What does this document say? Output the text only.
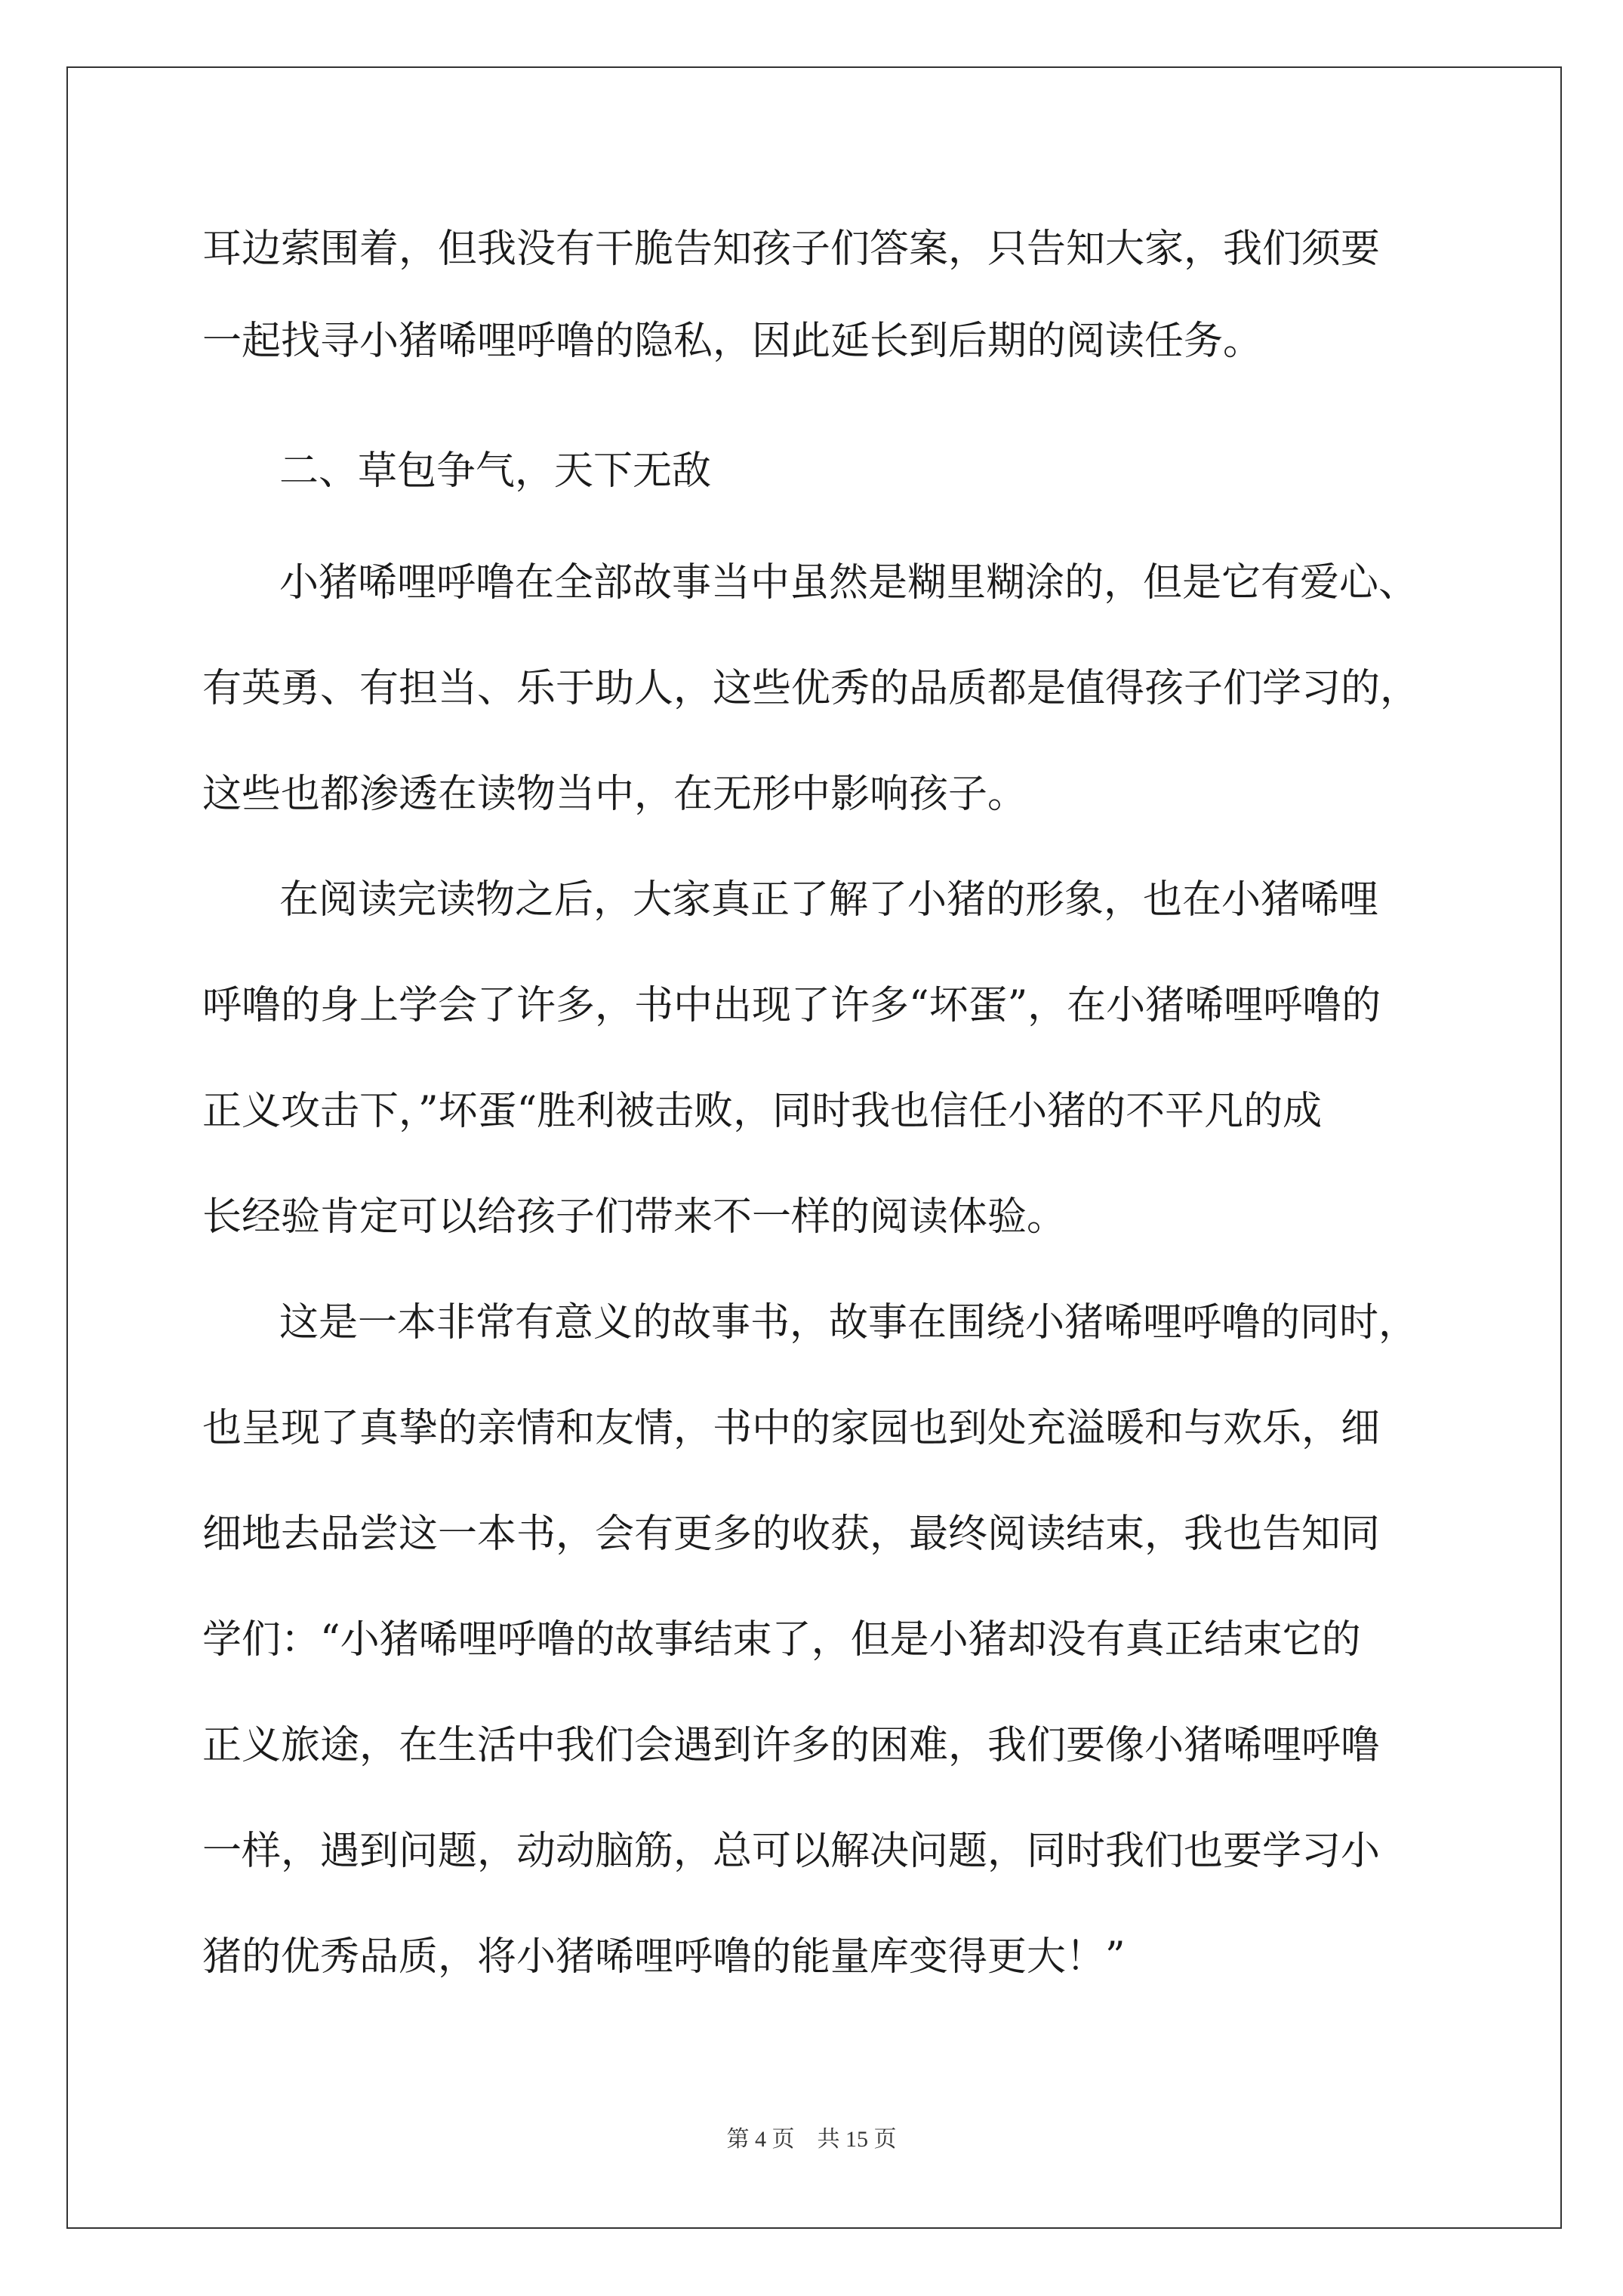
耳边萦围着，但我没有干脆告知孩子们答案，只告知大家，我们须要
一起找寻小猪唏哩呼噜的隐私，因此延长到后期的阅读任务。
二、草包争气，天下无敌
小猪唏哩呼噜在全部故事当中虽然是糊里糊涂的，但是它有爱心、
有英勇、有担当、乐于助人，这些优秀的品质都是值得孩子们学习的，
这些也都渗透在读物当中，在无形中影响孩子。
在阅读完读物之后，大家真正了解了小猪的形象，也在小猪唏哩
呼噜的身上学会了许多，书中出现了许多“坏蛋”，在小猪唏哩呼噜的
正义攻击下，”坏蛋“胜利被击败，同时我也信任小猪的不平凡的成
长经验肯定可以给孩子们带来不一样的阅读体验。
这是一本非常有意义的故事书，故事在围绕小猪唏哩呼噜的同时，
也呈现了真挚的亲情和友情，书中的家园也到处充溢暖和与欢乐，细
细地去品尝这一本书，会有更多的收获，最终阅读结束，我也告知同
学们：“小猪唏哩呼噜的故事结束了，但是小猪却没有真正结束它的
正义旅途，在生活中我们会遇到许多的困难，我们要像小猪唏哩呼噜
一样，遇到问题，动动脑筋，总可以解决问题，同时我们也要学习小
猪的优秀品质，将小猪唏哩呼噜的能量库变得更大！”
第 4 页　共 15 页
